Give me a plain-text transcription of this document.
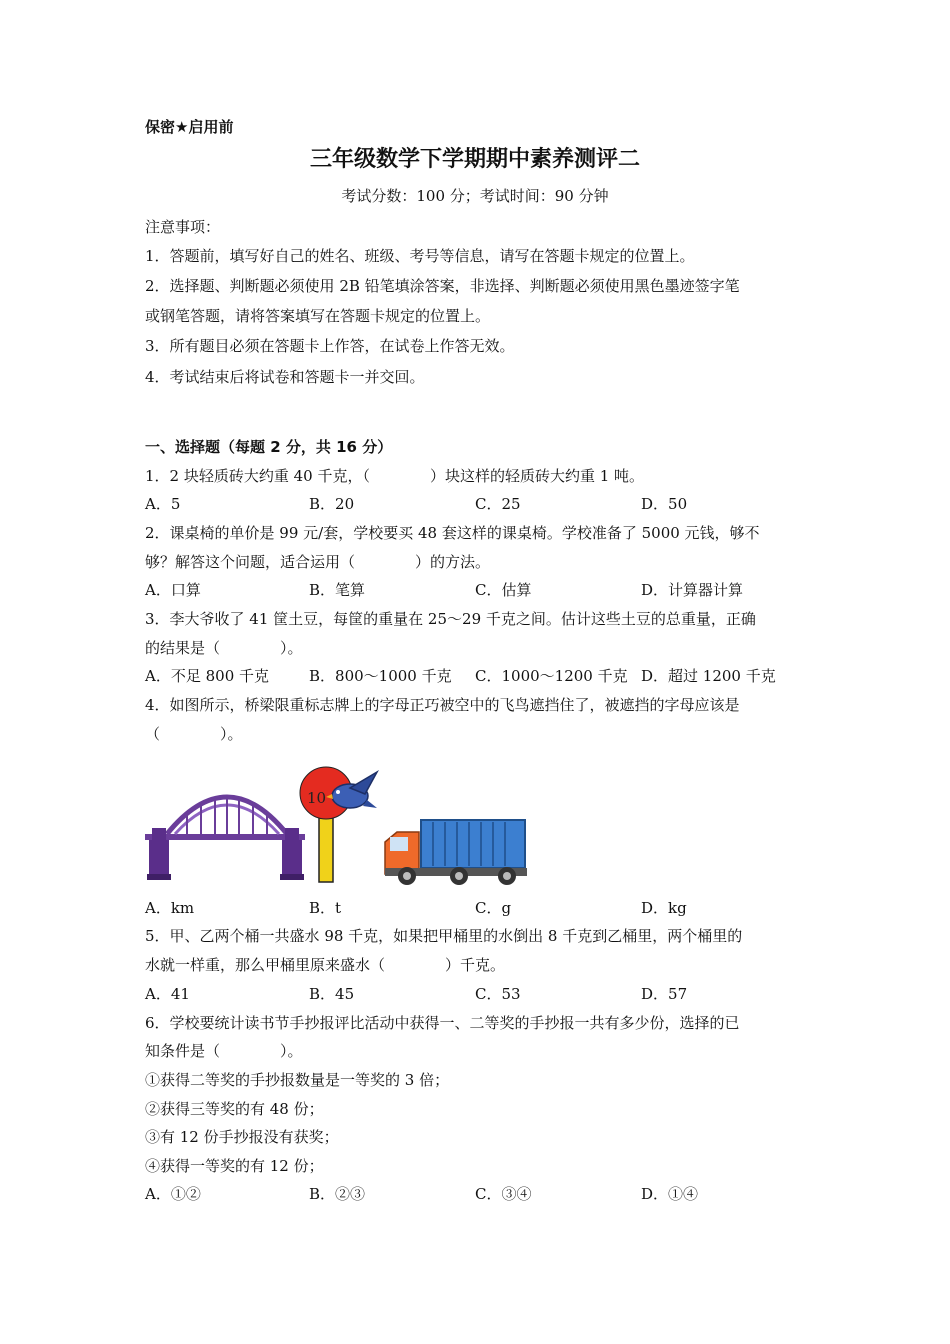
保密★启用前
三年级数学下学期期中素养测评二
考试分数：100 分；考试时间：90 分钟
注意事项：
1．答题前，填写好自己的姓名、班级、考号等信息，请写在答题卡规定的位置上。
2．选择题、判断题必须使用 2B 铅笔填涂答案，非选择、判断题必须使用黑色墨迹签字笔
或钢笔答题，请将答案填写在答题卡规定的位置上。
3．所有题目必须在答题卡上作答，在试卷上作答无效。
4．考试结束后将试卷和答题卡一并交回。
一、选择题（每题 2 分，共 16 分）
1．2 块轻质砖大约重 40 千克，（　　　　）块这样的轻质砖大约重 1 吨。
A．5	B．20	C．25	D．50
2．课桌椅的单价是 99 元/套，学校要买 48 套这样的课桌椅。学校准备了 5000 元钱，够不
够？解答这个问题，适合运用（　　　　）的方法。
A．口算	B．笔算	C．估算	D．计算器计算
3．李大爷收了 41 筐土豆，每筐的重量在 25～29 千克之间。估计这些土豆的总重量，正确
的结果是（　　　　）。
A．不足 800 千克	B．800～1000 千克 C．1000～1200 千克 D．超过 1200 千克
4．如图所示，桥梁限重标志牌上的字母正巧被空中的飞鸟遮挡住了，被遮挡的字母应该是
（　　　　）。
10
A．km	B．t	C．g	D．kg
5．甲、乙两个桶一共盛水 98 千克，如果把甲桶里的水倒出 8 千克到乙桶里，两个桶里的
水就一样重，那么甲桶里原来盛水（　　　　）千克。
A．41	B．45	C．53	D．57
6．学校要统计读书节手抄报评比活动中获得一、二等奖的手抄报一共有多少份，选择的已
知条件是（　　　　）。
①获得二等奖的手抄报数量是一等奖的 3 倍；
②获得三等奖的有 48 份；
③有 12 份手抄报没有获奖；
④获得一等奖的有 12 份；
A．①②	B．②③	C．③④	D．①④
